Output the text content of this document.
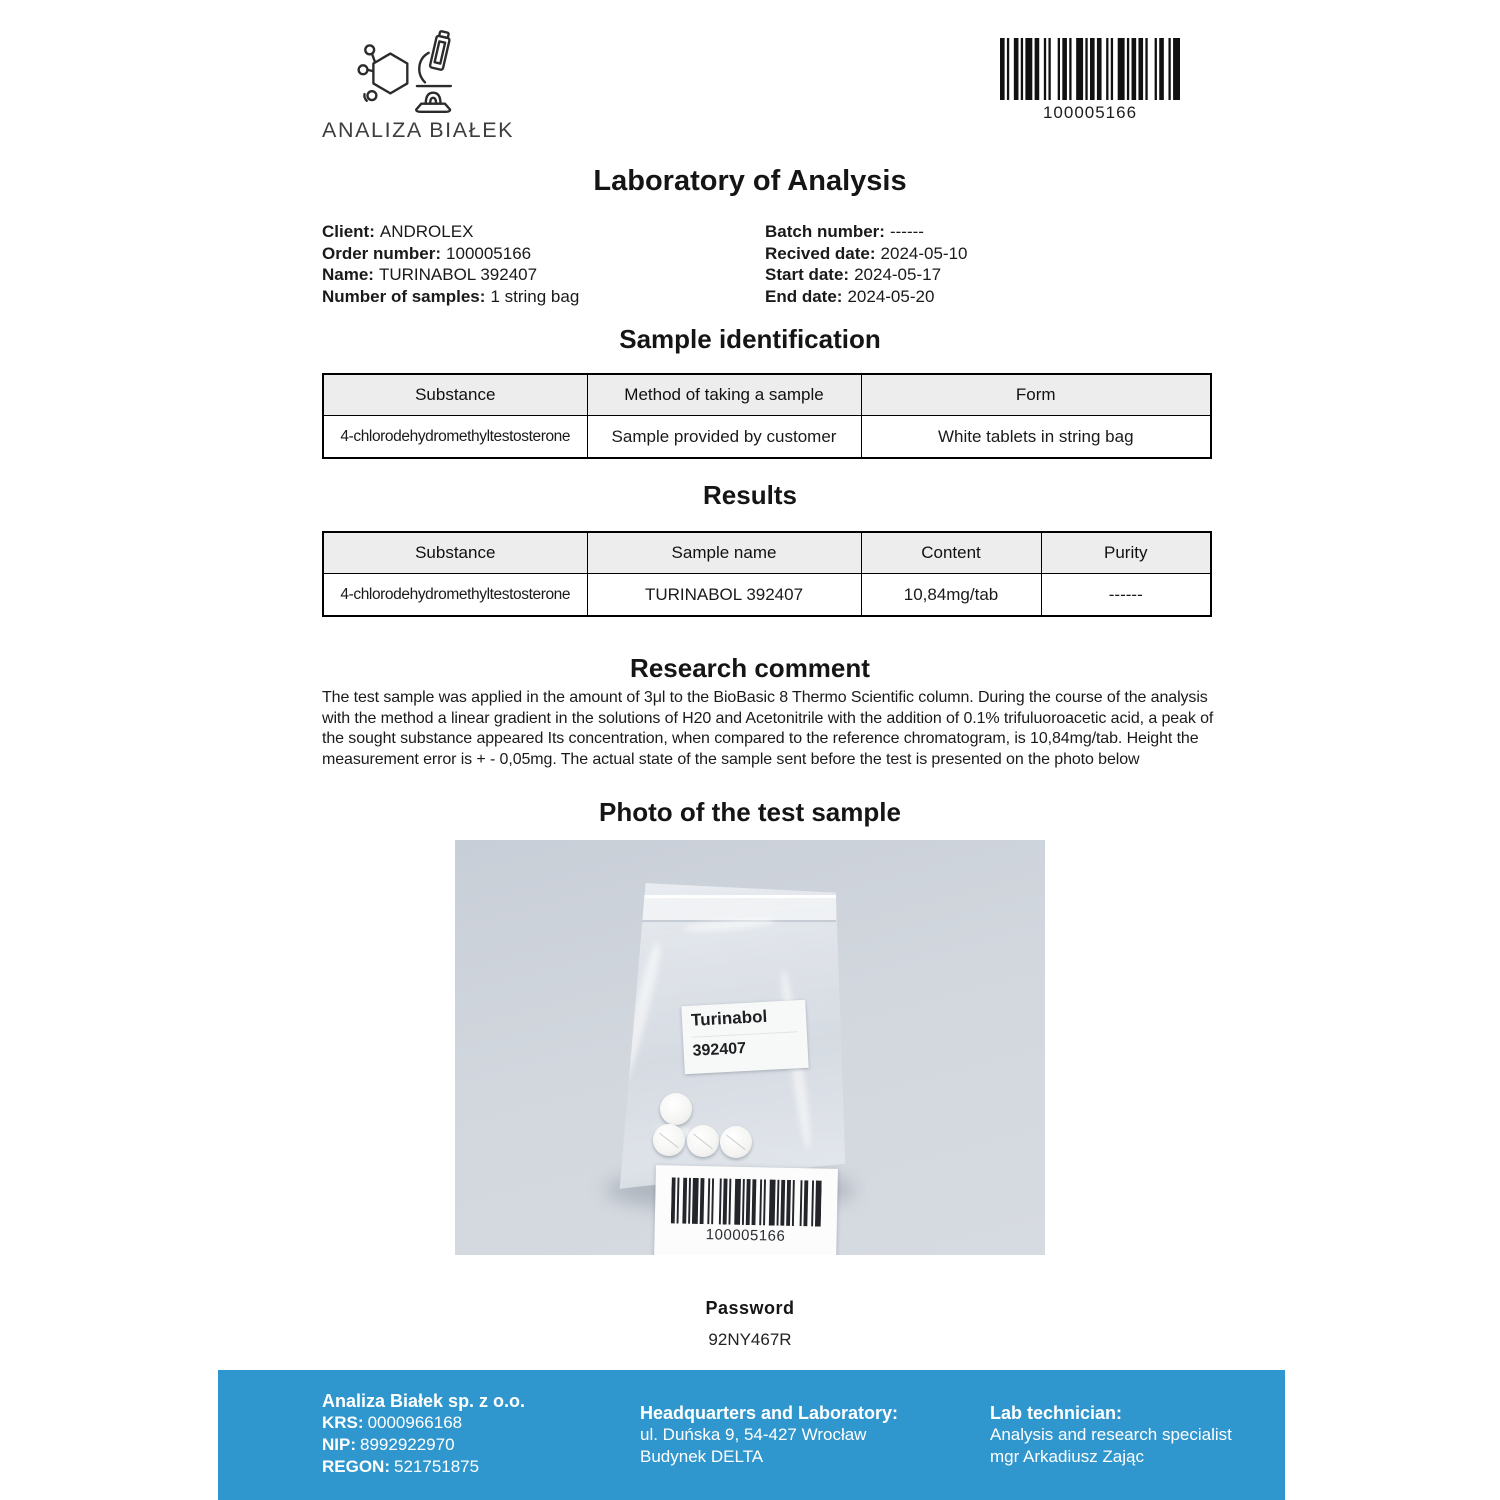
ANALIZA BIAŁEK
100005166
Laboratory of Analysis
Client: ANDROLEX
Order number: 100005166
Name: TURINABOL 392407
Number of samples: 1 string bag
Batch number: ------
Recived date: 2024-05-10
Start date: 2024-05-17
End date: 2024-05-20
Sample identification
Substance	Method of taking a sample	Form
4-chlorodehydromethyltestosterone	Sample provided by customer	White tablets in string bag
Results
Substance	Sample name	Content	Purity
4-chlorodehydromethyltestosterone	TURINABOL 392407	10,84mg/tab	------
Research comment
The test sample was applied in the amount of 3μl to the BioBasic 8 Thermo Scientific column. During the course of the analysis with the method a linear gradient in the solutions of H20 and Acetonitrile with the addition of 0.1% trifuluoroacetic acid, a peak of the sought substance appeared Its concentration, when compared to the reference chromatogram, is 10,84mg/tab. Height the measurement error is + - 0,05mg. The actual state of the sample sent before the test is presented on the photo below
Photo of the test sample
Turinabol
392407
100005166
Password
92NY467R
Analiza Białek sp. z o.o.
KRS: 0000966168
NIP: 8992922970
REGON: 521751875
Headquarters and Laboratory:
ul. Duńska 9, 54-427 Wrocław
Budynek DELTA
Lab technician:
Analysis and research specialist
mgr Arkadiusz Zając
